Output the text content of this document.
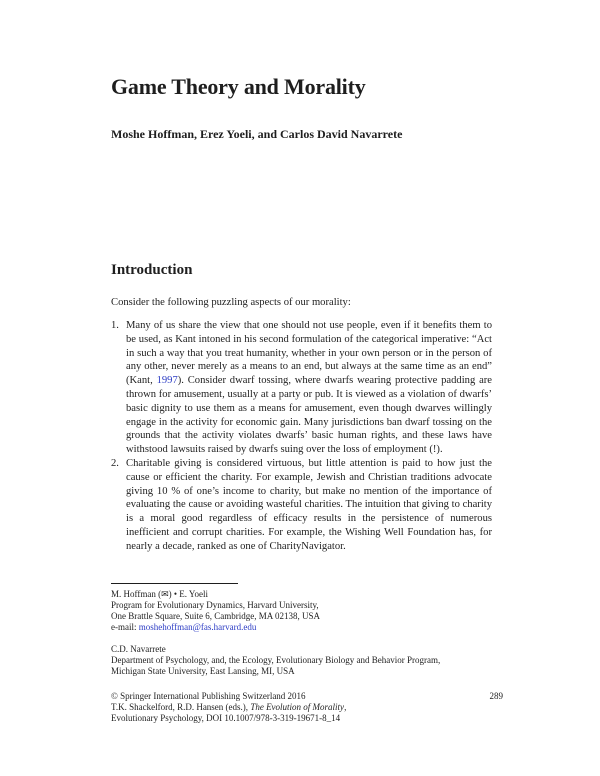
Game Theory and Morality
Moshe Hoffman, Erez Yoeli, and Carlos David Navarrete
Introduction

Consider the following puzzling aspects of our morality:

1. Many of us share the view that one should not use people, even if it benefits them to be used, as Kant intoned in his second formulation of the categorical imperative: “Act in such a way that you treat humanity, whether in your own person or in the person of any other, never merely as a means to an end, but always at the same time as an end” (Kant, 1997). Consider dwarf tossing, where dwarfs wearing protective padding are thrown for amusement, usually at a party or pub. It is viewed as a violation of dwarfs’ basic dignity to use them as a means for amusement, even though dwarves willingly engage in the activity for economic gain. Many jurisdictions ban dwarf tossing on the grounds that the activity violates dwarfs’ basic human rights, and these laws have withstood lawsuits raised by dwarfs suing over the loss of employment (!).
2. Charitable giving is considered virtuous, but little attention is paid to how just the cause or efficient the charity. For example, Jewish and Christian traditions advocate giving 10 % of one’s income to charity, but make no mention of the importance of evaluating the cause or avoiding wasteful charities. The intuition that giving to charity is a moral good regardless of efficacy results in the persistence of numerous inefficient and corrupt charities. For example, the Wishing Well Foundation has, for nearly a decade, ranked as one of CharityNavigator.
M. Hoffman (✉) • E. Yoeli
Program for Evolutionary Dynamics, Harvard University,
One Brattle Square, Suite 6, Cambridge, MA 02138, USA
e-mail: moshehoffman@fas.harvard.edu
C.D. Navarrete
Department of Psychology, and, the Ecology, Evolutionary Biology and Behavior Program,
Michigan State University, East Lansing, MI, USA
© Springer International Publishing Switzerland 2016	289
T.K. Shackelford, R.D. Hansen (eds.), The Evolution of Morality,
Evolutionary Psychology, DOI 10.1007/978-3-319-19671-8_14
